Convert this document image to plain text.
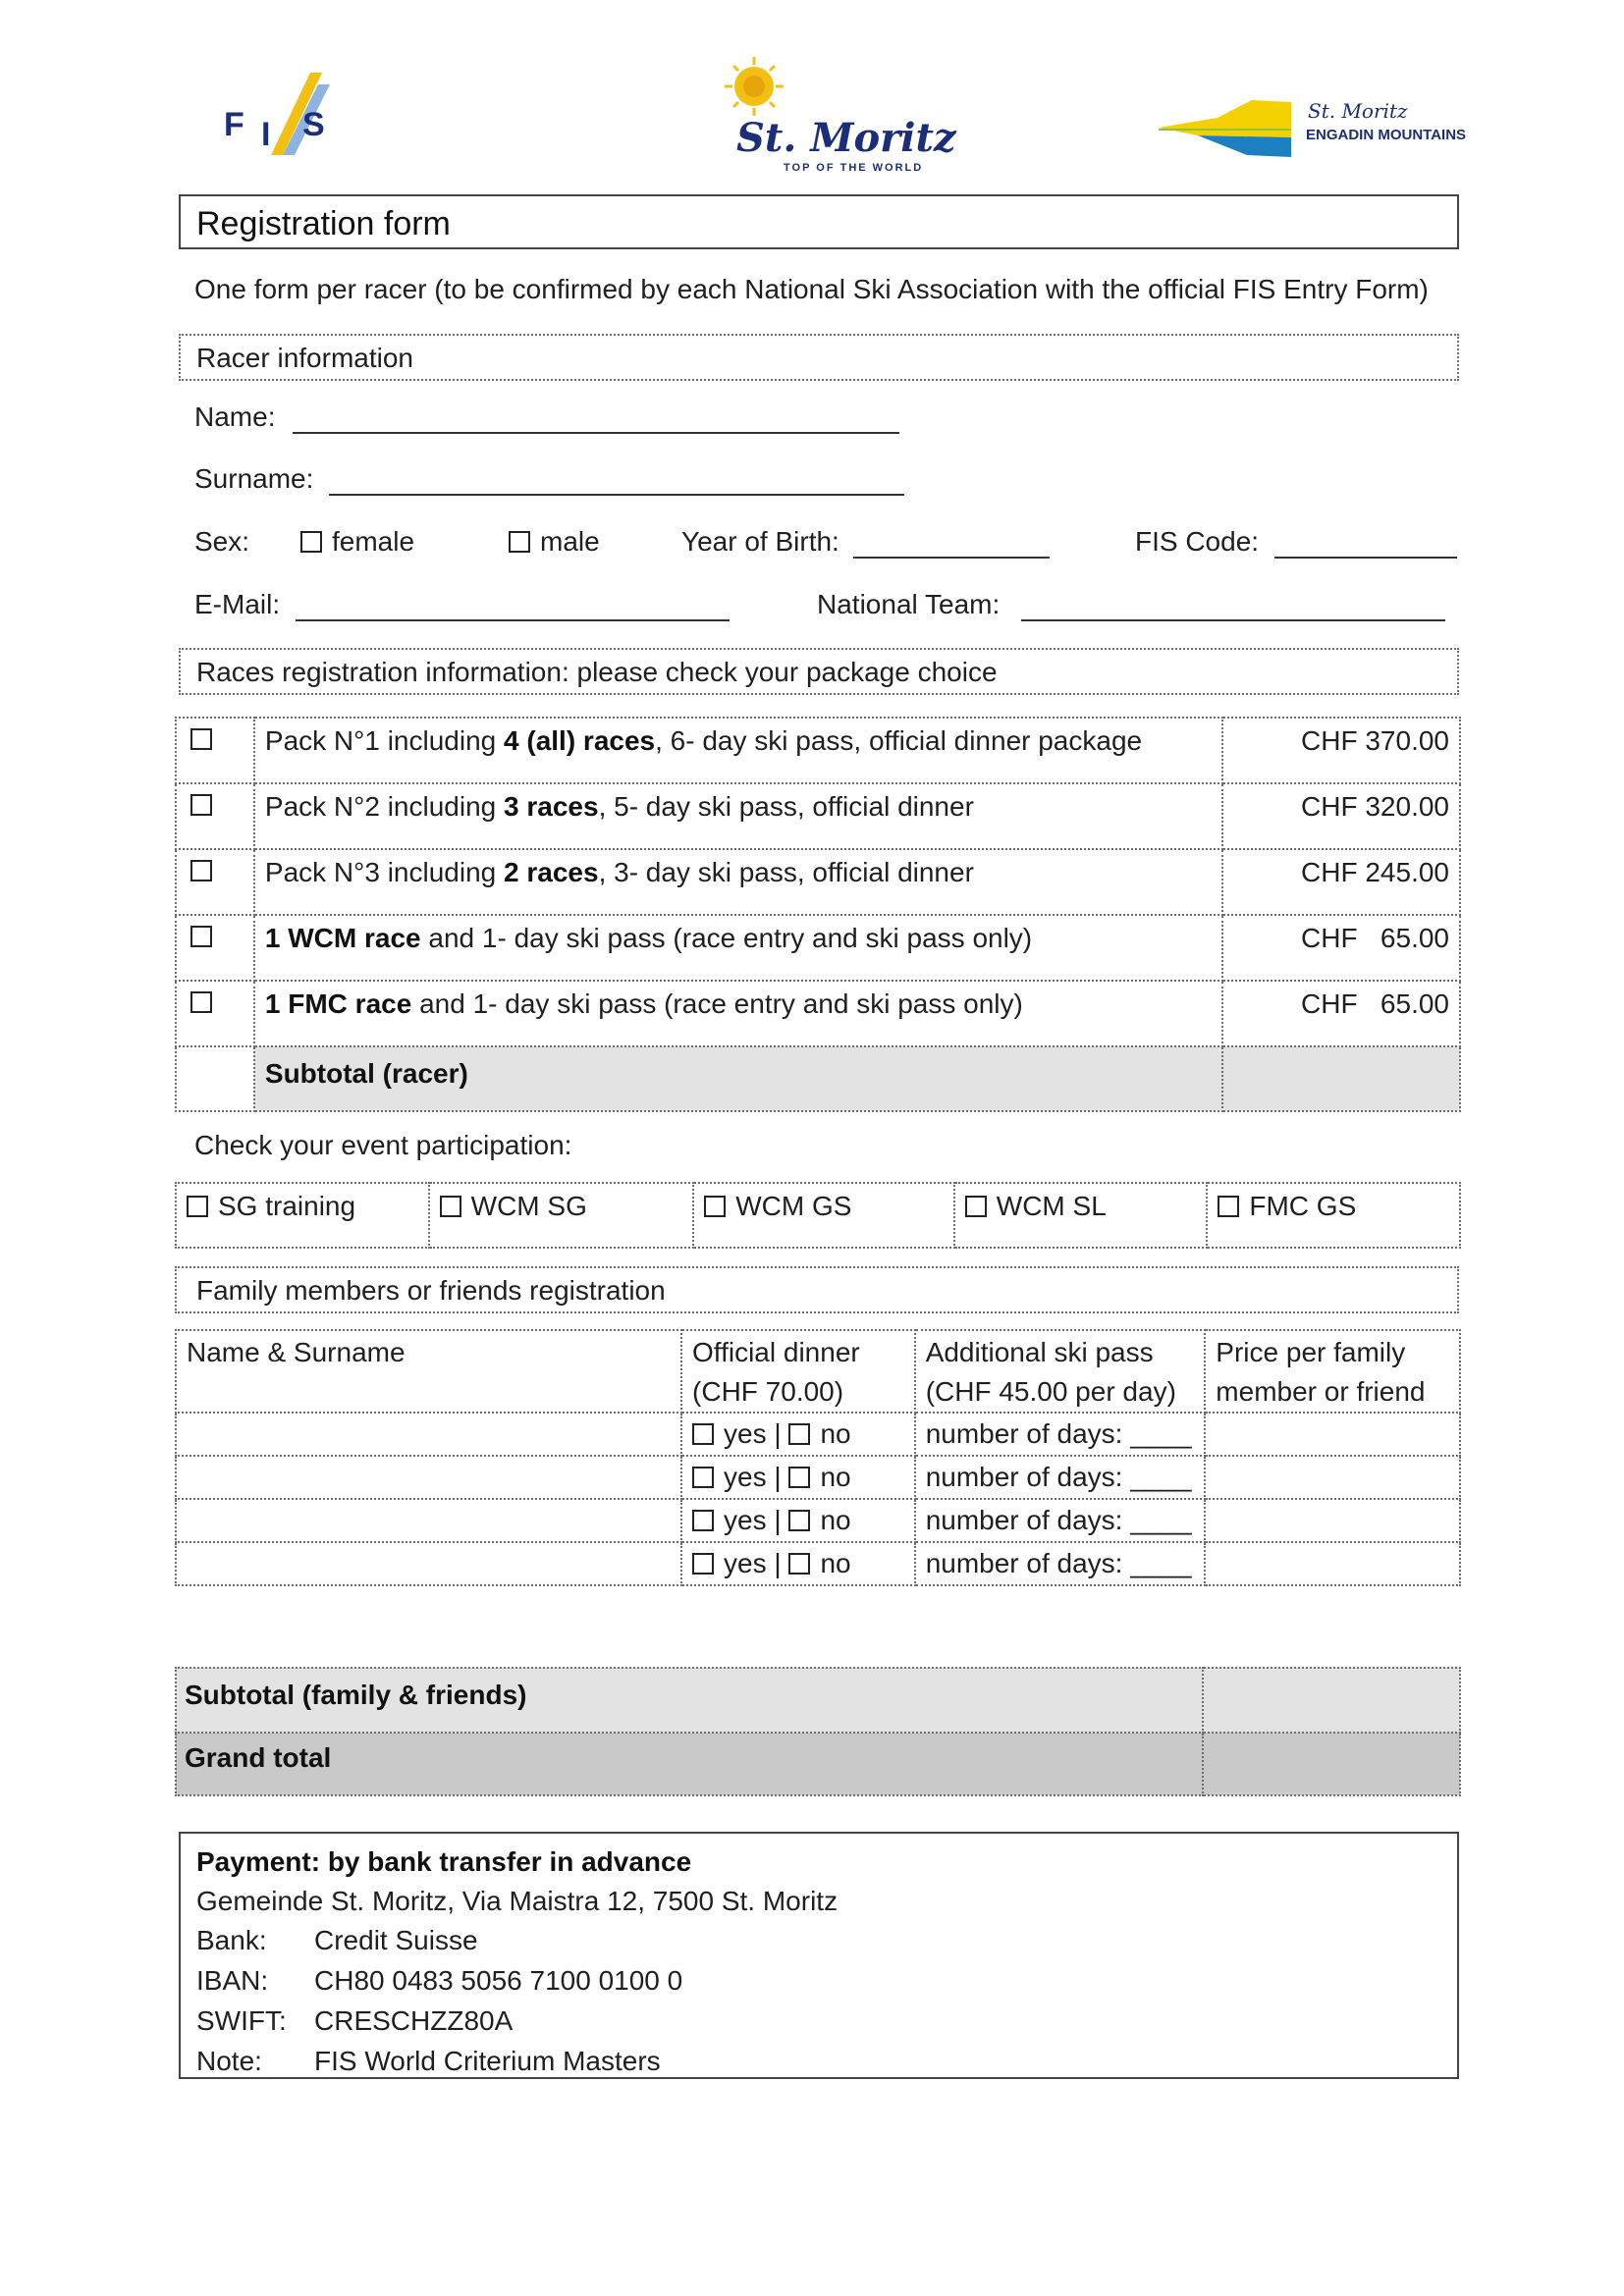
F I S	St. Moritz
TOP OF THE WORLD
St. Moritz
ENGADIN MOUNTAINS
Registration form
One form per racer (to be confirmed by each National Ski Association with the official FIS Entry Form)
Racer information
Name:
Surname:
Sex:	female	male	Year of Birth:	FIS Code:
E-Mail:	National Team:
Races registration information: please check your package choice

	Pack N°1 including 4 (all) races, 6- day ski pass, official dinner package	CHF 370.00

	Pack N°2 including 3 races, 5- day ski pass, official dinner	CHF 320.00

	Pack N°3 including 2 races, 3- day ski pass, official dinner	CHF 245.00

	1 WCM race and 1- day ski pass (race entry and ski pass only)	CHF   65.00

	1 FMC race and 1- day ski pass (race entry and ski pass only)	CHF   65.00

	Subtotal (racer)	

Check your event participation:
SG training	WCM SG	WCM GS	WCM SL	FMC GS
Family members or friends registration
Name & Surname	Official dinner (CHF 70.00)	Additional ski pass (CHF 45.00 per day)	Price per family member or friend

	yes | no	number of days: ____	

	yes | no	number of days: ____	

	yes | no	number of days: ____	

	yes | no	number of days: ____	

Subtotal (family & friends)	

Grand total	

Payment: by bank transfer in advance
Gemeinde St. Moritz, Via Maistra 12, 7500 St. Moritz
Bank: Credit Suisse
IBAN: CH80 0483 5056 7100 0100 0
SWIFT: CRESCHZZ80A
Note: FIS World Criterium Masters
